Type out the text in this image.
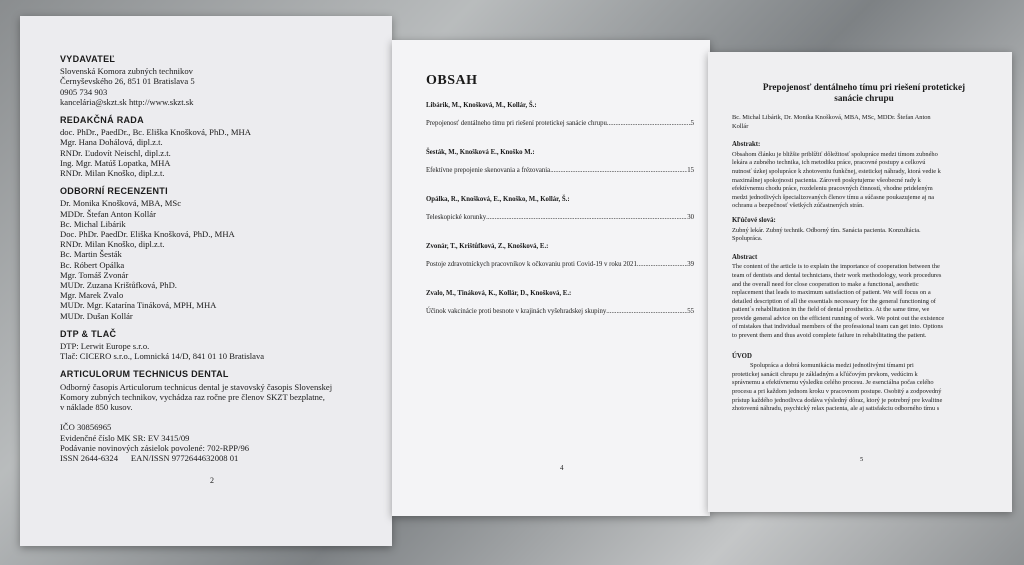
VYDAVATEĽ
Slovenská Komora zubných technikov
Černyševského 26, 851 01 Bratislava 5
0905 734 903
kancelária@skzt.sk http://www.skzt.sk
REDAKČNÁ RADA
doc. PhDr., PaedDr., Bc. Eliška Knošková, PhD., MHA
Mgr. Hana Dohálová, dipl.z.t.
RNDr. Ľudovít Neischl, dipl.z.t.
Ing. Mgr. Matúš Lopatka, MHA
RNDr. Milan Knoško, dipl.z.t.
ODBORNÍ RECENZENTI
Dr. Monika Knošková, MBA, MSc
MDDr. Štefan Anton Kollár
Bc. Michal Libárik
Doc. PhDr. PaedDr. Eliška Knošková, PhD., MHA
RNDr. Milan Knoško, dipl.z.t.
Bc. Martin Šesták
Bc. Róbert Opálka
Mgr. Tomáš Zvonár
MUDr. Zuzana Krištůfková, PhD.
Mgr. Marek Zvalo
MUDr. Mgr. Katarína Tináková, MPH, MHA
MUDr. Dušan Kollár
DTP & TLAČ
DTP: Lerwit Europe s.r.o.
Tlač: CICERO s.r.o., Lomnická 14/D, 841 01 10 Bratislava
ARTICULORUM TECHNICUS DENTAL
Odborný časopis Articulorum technicus dental je stavovský časopis Slovenskej
Komory zubných technikov, vychádza raz ročne pre členov SKZT bezplatne,
v náklade 850 kusov.
IČO 30856965
Evidenčné číslo MK SR: EV 3415/09
Podávanie novinových zásielok povolené: 702-RPP/96
ISSN 2644-6324      EAN/ISSN 9772644632008 01
2
OBSAH
Libárik, M., Knošková, M., Kollár, Š.:
Prepojenosť dentálneho tímu pri riešení protetickej sanácie chrupu .....	5
Šesták, M., Knošková E., Knoško M.:
Efektívne prepojenie skenovania a frézovania .....	15
Opálka, R., Knošková, E., Knoško, M., Kollár, Š.:
Teleskopické korunky .....	30
Zvonár, T., Krištůfková, Z., Knošková, E.:
Postoje zdravotníckych pracovníkov k očkovaniu proti Covid-19 v roku 2021 .....	39
Zvalo, M., Tináková, K., Kollár, D., Knošková, E.:
Účinok vakcinácie proti besnote v krajinách vyšehradskej skupiny .....	55
4
Prepojenosť dentálneho tímu pri riešení protetickej
sanácie chrupu
Bc. Michal Libárik, Dr. Monika Knošková, MBA, MSc, MDDr. Štefan Anton
Kollár
Abstrakt:
Obsahom článku je bližšie priblížiť dôležitosť spolupráce medzi tímom zubného
lekára a zubného technika, ich metodiku práce, pracovné postupy a celkovú
nutnosť úzkej spolupráce k zhotoveniu funkčnej, estetickej náhrady, ktorá vedie k
maximálnej spokojnosti pacienta. Zároveň poskytujeme všeobecné rady k
efektívnemu chodu práce, rozdeleniu pracovných činností, vhodne prideleným
medzi jednotlivých špecializovaných členov tímu a súčasne poukazujeme aj na
ochranu a bezpečnosť všetkých zúčastnených strán.
Kľúčové slová:
Zubný lekár. Zubný technik. Odborný tím. Sanácia pacienta. Konzultácia.
Spolupráca.
Abstract
The content of the article is to explain the importance of cooperation between the
team of dentists and dental technicians, their work methodology, work procedures
and the overall need for close cooperation to make a functional, aesthetic
replacement that leads to maximum satisfaction of patient. We will focus on a
detailed description of all the essentials necessary for the general functioning of
patient´s rehabilitation in the field of dental prosthetics. At the same time, we
provide general advice on the efficient running of work. We point out the existence
of mistakes that individual members of the professional team can get into. Options
to prevent them and thus avoid complete failure in rehabilitating the patient.
ÚVOD
Spolupráca a dobrá komunikácia medzi jednotlivými tímami pri
protetickej sanácii chrupu je základným a kľúčovým prvkom, vedúcim k
správnemu a efektívnemu výsledku celého procesu. Je esenciálna počas celého
procesu a pri každom jednom kroku v pracovnom postupe. Osobitý a zodpovedný
prístup každého jednotlivca dodáva výsledný dôraz, ktorý je potrebný pre kvalitne
zhotovenú náhradu, psychický relax pacienta, ale aj satisfakciu odborného tímu s
5
